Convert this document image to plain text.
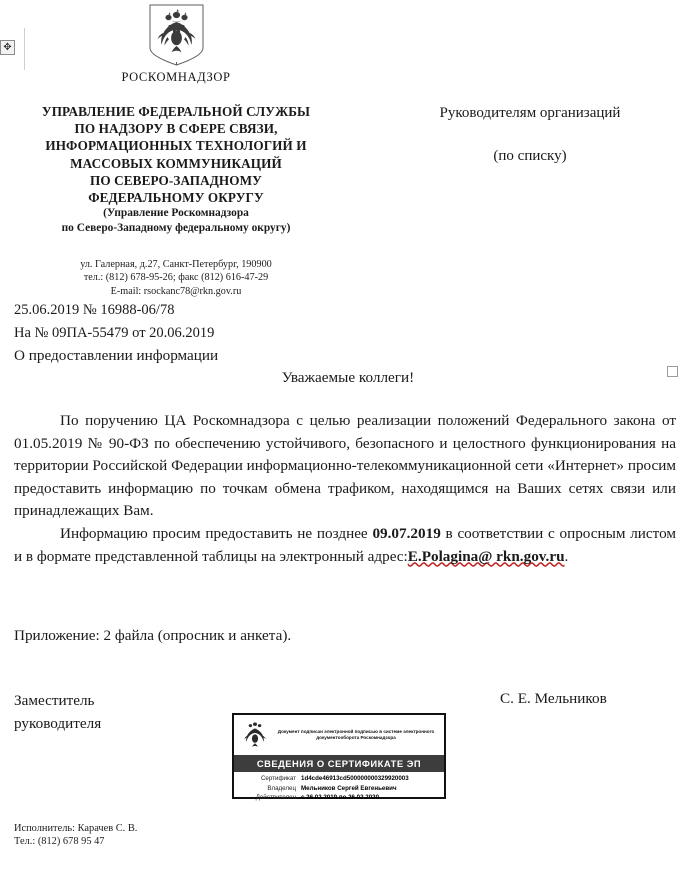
✥
РОСКОМНАДЗОР
УПРАВЛЕНИЕ ФЕДЕРАЛЬНОЙ СЛУЖБЫ
ПО НАДЗОРУ В СФЕРЕ СВЯЗИ,
ИНФОРМАЦИОННЫХ ТЕХНОЛОГИЙ И
МАССОВЫХ КОММУНИКАЦИЙ
ПО СЕВЕРО-ЗАПАДНОМУ
ФЕДЕРАЛЬНОМУ ОКРУГУ
(Управление Роскомнадзора
по Северо-Западному федеральному округу)
ул. Галерная, д.27, Санкт-Петербург, 190900
тел.: (812) 678-95-26; факс (812) 616-47-29
E-mail: rsockanc78@rkn.gov.ru
Руководителям организаций
(по списку)
25.06.2019 № 16988-06/78
На № 09ПА-55479 от 20.06.2019
О предоставлении информации
Уважаемые коллеги!

По поручению ЦА Роскомнадзора с целью реализации положений Федерального закона от 01.05.2019 № 90-ФЗ по обеспечению устойчивого, безопасного и целостного функционирования на территории Российской Федерации информационно-телекоммуникационной сети «Интернет» просим предоставить информацию по точкам обмена трафиком, находящимся на Ваших сетях связи или принадлежащих Вам.

Информацию просим предоставить не позднее 09.07.2019 в соответствии с опросным листом и в формате представленной таблицы на электронный адрес:E.Polagina@ rkn.gov.ru.

Приложение: 2 файла (опросник и анкета).
Заместитель
руководителя
С. Е. Мельников
Документ подписан электронной подписью в системе электронного документооборота Роскомнадзора
СВЕДЕНИЯ О СЕРТИФИКАТЕ ЭП
Сертификат 1d4cde46913cd500000000329920003
Владелец Мельников Сергей Евгеньевич
Действителен с 26.02.2019 по 26.02.2020
Исполнитель: Карачев С. В.
Тел.: (812) 678 95 47
